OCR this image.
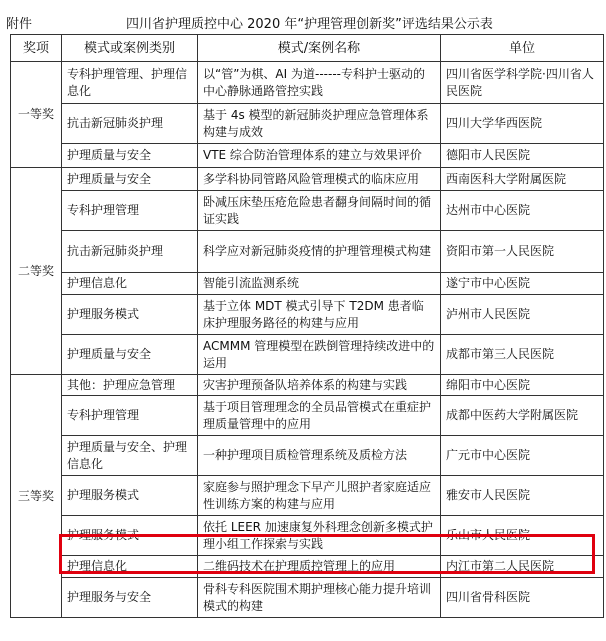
附件	四川省护理质控中心 2020 年“护理管理创新奖”评选结果公示表
奖项	模式或案例类别	模式/案例名称	单位
一等奖	专科护理管理、护理信息化	以“管”为棋、AI 为道------专科护士驱动的中心静脉通路管控实践	四川省医学科学院·四川省人民医院
	抗击新冠肺炎护理	基于 4s 模型的新冠肺炎护理应急管理体系构建与成效	四川大学华西医院
	护理质量与安全	VTE 综合防治管理体系的建立与效果评价	德阳市人民医院
二等奖	护理质量与安全	多学科协同管路风险管理模式的临床应用	西南医科大学附属医院
	专科护理管理	卧减压床垫压疮危险患者翻身间隔时间的循证实践	达州市中心医院
	抗击新冠肺炎护理	科学应对新冠肺炎疫情的护理管理模式构建	资阳市第一人民医院
	护理信息化	智能引流监测系统	遂宁市中心医院
	护理服务模式	基于立体 MDT 模式引导下 T2DM 患者临床护理服务路径的构建与应用	泸州市人民医院
	护理质量与安全	ACMMM 管理模型在跌倒管理持续改进中的运用	成都市第三人民医院
三等奖	其他：护理应急管理	灾害护理预备队培养体系的构建与实践	绵阳市中心医院
	专科护理管理	基于项目管理理念的全员品管模式在重症护理质量管理中的应用	成都中医药大学附属医院
	护理质量与安全、护理信息化	一种护理项目质检管理系统及质检方法	广元市中心医院
	护理服务模式	家庭参与照护理念下早产儿照护者家庭适应性训练方案的构建与应用	雅安市人民医院
	护理服务模式	依托 LEER 加速康复外科理念创新多模式护理小组工作探索与实践	乐山市人民医院
	护理信息化	二维码技术在护理质控管理上的应用	内江市第二人民医院
	护理服务与安全	骨科专科医院围术期护理核心能力提升培训模式的构建	四川省骨科医院
